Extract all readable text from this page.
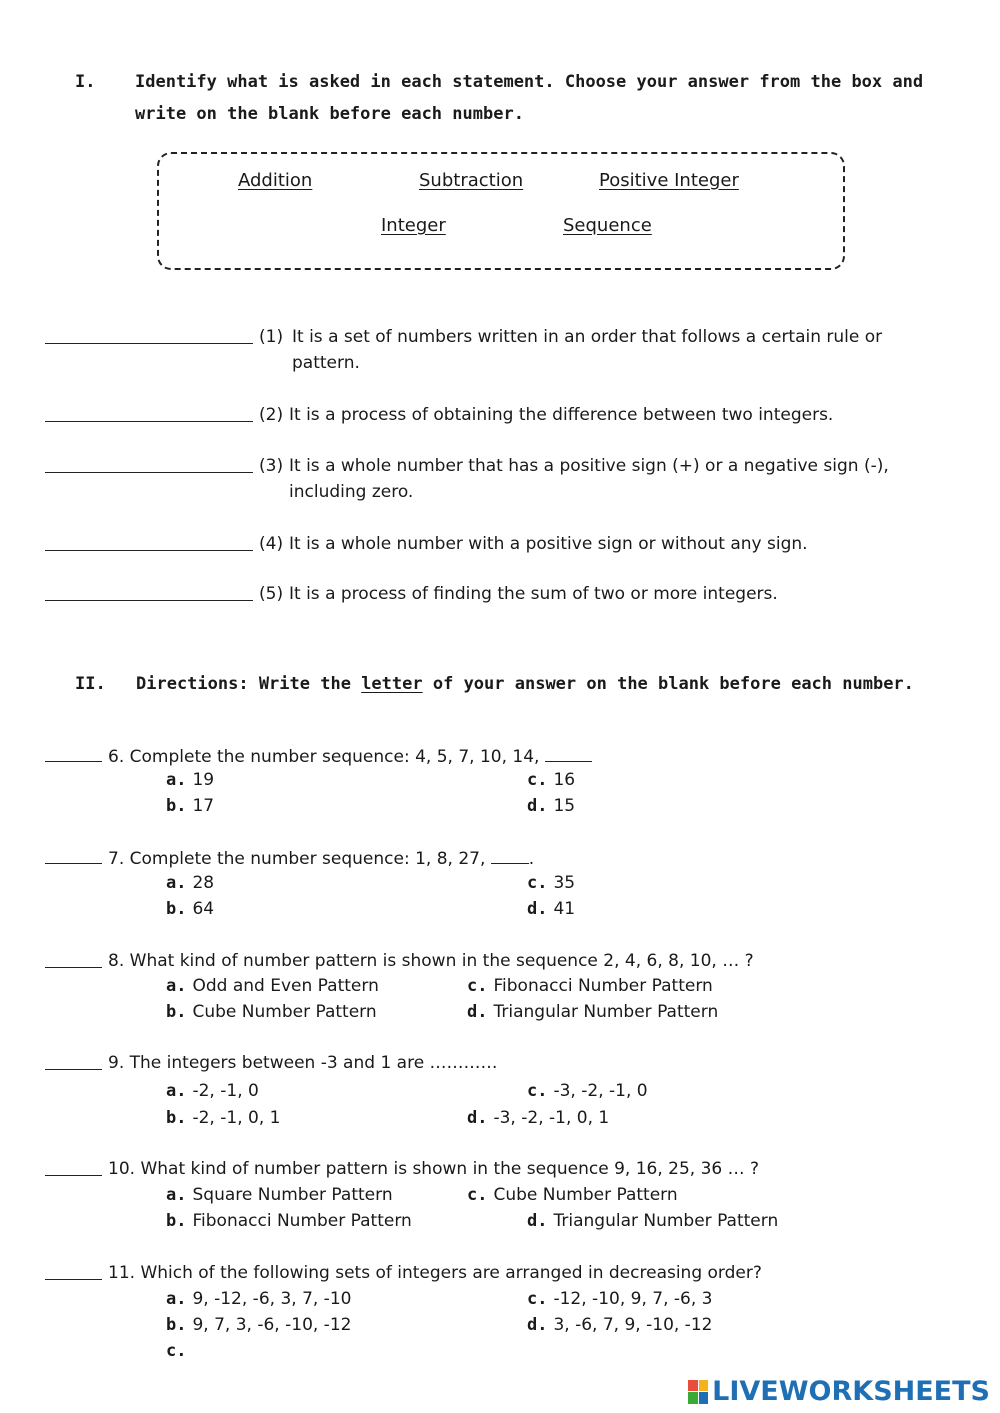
I. Identify what is asked in each statement. Choose your answer from the box and write on the blank before each number.
Addition	Subtraction	Positive Integer
Integer	Sequence
(1) It is a set of numbers written in an order that follows a certain rule or pattern.
(2) It is a process of obtaining the difference between two integers.
(3) It is a whole number that has a positive sign (+) or a negative sign (-), including zero.
(4) It is a whole number with a positive sign or without any sign.
(5) It is a process of finding the sum of two or more integers.
II. Directions: Write the letter of your answer on the blank before each number.
6. Complete the number sequence: 4, 5, 7, 10, 14,
a. 19
b. 17
c. 16
d. 15
7. Complete the number sequence: 1, 8, 27, .
a. 28
b. 64
c. 35
d. 41
8. What kind of number pattern is shown in the sequence 2, 4, 6, 8, 10, … ?
a. Odd and Even Pattern
b. Cube Number Pattern
c. Fibonacci Number Pattern
d. Triangular Number Pattern
9. The integers between -3 and 1 are …………
a. -2, -1, 0
b. -2, -1, 0, 1
c. -3, -2, -1, 0
d. -3, -2, -1, 0, 1
10. What kind of number pattern is shown in the sequence 9, 16, 25, 36 … ?
a. Square Number Pattern
b. Fibonacci Number Pattern
c. Cube Number Pattern
d. Triangular Number Pattern
11. Which of the following sets of integers are arranged in decreasing order?
a. 9, -12, -6, 3, 7, -10
b. 9, 7, 3, -6, -10, -12
c. -12, -10, 9, 7, -6, 3
d. 3, -6, 7, 9, -10, -12
c.
LIVEWORKSHEETS
